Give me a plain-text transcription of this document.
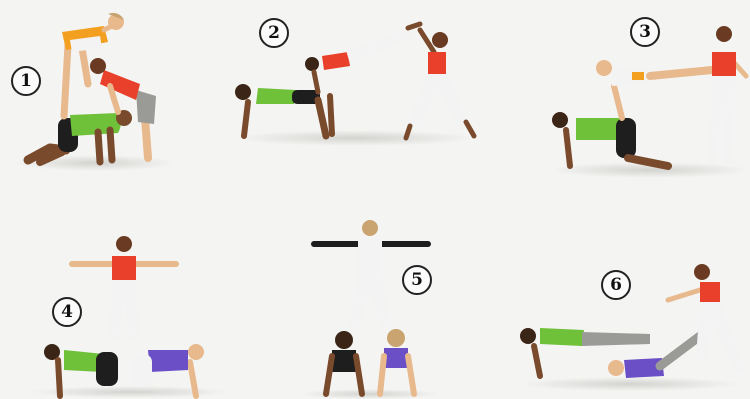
1
2	3
4
5	6
